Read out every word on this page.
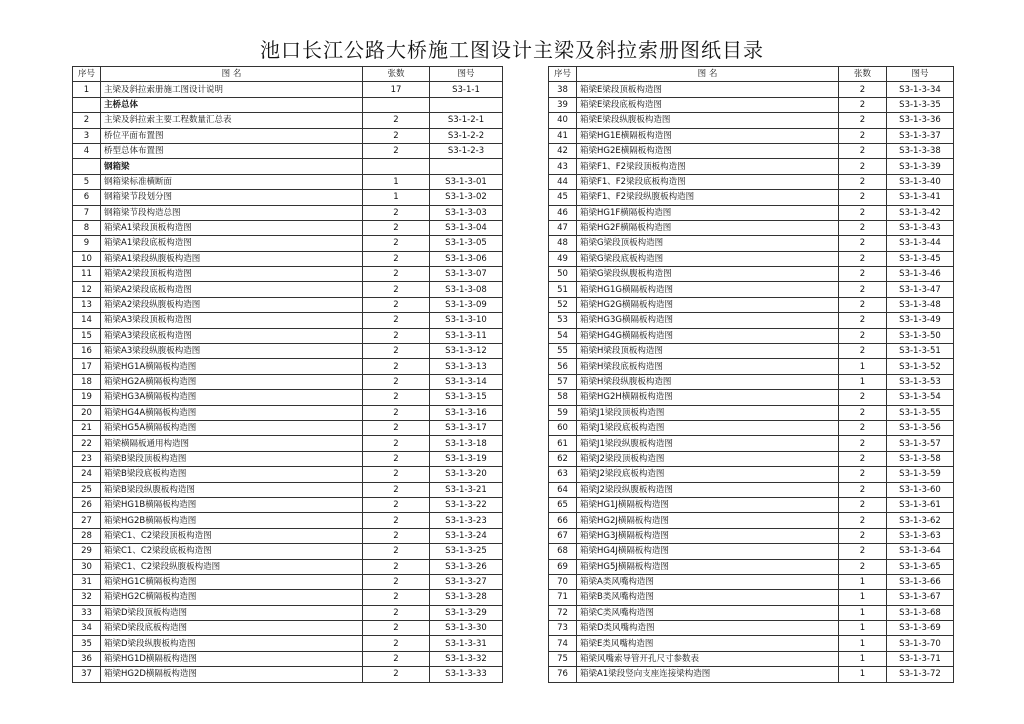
池口长江公路大桥施工图设计主梁及斜拉索册图纸目录
序号	图 名	张数	图号
1	主梁及斜拉索册施工图设计说明	17	S3-1-1
	主桥总体		
2	主梁及斜拉索主要工程数量汇总表	2	S3-1-2-1
3	桥位平面布置图	2	S3-1-2-2
4	桥型总体布置图	2	S3-1-2-3
	钢箱梁		
5	钢箱梁标准横断面	1	S3-1-3-01
6	钢箱梁节段划分图	1	S3-1-3-02
7	钢箱梁节段构造总图	2	S3-1-3-03
8	箱梁A1梁段顶板构造图	2	S3-1-3-04
9	箱梁A1梁段底板构造图	2	S3-1-3-05
10	箱梁A1梁段纵腹板构造图	2	S3-1-3-06
11	箱梁A2梁段顶板构造图	2	S3-1-3-07
12	箱梁A2梁段底板构造图	2	S3-1-3-08
13	箱梁A2梁段纵腹板构造图	2	S3-1-3-09
14	箱梁A3梁段顶板构造图	2	S3-1-3-10
15	箱梁A3梁段底板构造图	2	S3-1-3-11
16	箱梁A3梁段纵腹板构造图	2	S3-1-3-12
17	箱梁HG1A横隔板构造图	2	S3-1-3-13
18	箱梁HG2A横隔板构造图	2	S3-1-3-14
19	箱梁HG3A横隔板构造图	2	S3-1-3-15
20	箱梁HG4A横隔板构造图	2	S3-1-3-16
21	箱梁HG5A横隔板构造图	2	S3-1-3-17
22	箱梁横隔板通用构造图	2	S3-1-3-18
23	箱梁B梁段顶板构造图	2	S3-1-3-19
24	箱梁B梁段底板构造图	2	S3-1-3-20
25	箱梁B梁段纵腹板构造图	2	S3-1-3-21
26	箱梁HG1B横隔板构造图	2	S3-1-3-22
27	箱梁HG2B横隔板构造图	2	S3-1-3-23
28	箱梁C1、C2梁段顶板构造图	2	S3-1-3-24
29	箱梁C1、C2梁段底板构造图	2	S3-1-3-25
30	箱梁C1、C2梁段纵腹板构造图	2	S3-1-3-26
31	箱梁HG1C横隔板构造图	2	S3-1-3-27
32	箱梁HG2C横隔板构造图	2	S3-1-3-28
33	箱梁D梁段顶板构造图	2	S3-1-3-29
34	箱梁D梁段底板构造图	2	S3-1-3-30
35	箱梁D梁段纵腹板构造图	2	S3-1-3-31
36	箱梁HG1D横隔板构造图	2	S3-1-3-32
37	箱梁HG2D横隔板构造图	2	S3-1-3-33
序号	图 名	张数	图号
38	箱梁E梁段顶板构造图	2	S3-1-3-34
39	箱梁E梁段底板构造图	2	S3-1-3-35
40	箱梁E梁段纵腹板构造图	2	S3-1-3-36
41	箱梁HG1E横隔板构造图	2	S3-1-3-37
42	箱梁HG2E横隔板构造图	2	S3-1-3-38
43	箱梁F1、F2梁段顶板构造图	2	S3-1-3-39
44	箱梁F1、F2梁段底板构造图	2	S3-1-3-40
45	箱梁F1、F2梁段纵腹板构造图	2	S3-1-3-41
46	箱梁HG1F横隔板构造图	2	S3-1-3-42
47	箱梁HG2F横隔板构造图	2	S3-1-3-43
48	箱梁G梁段顶板构造图	2	S3-1-3-44
49	箱梁G梁段底板构造图	2	S3-1-3-45
50	箱梁G梁段纵腹板构造图	2	S3-1-3-46
51	箱梁HG1G横隔板构造图	2	S3-1-3-47
52	箱梁HG2G横隔板构造图	2	S3-1-3-48
53	箱梁HG3G横隔板构造图	2	S3-1-3-49
54	箱梁HG4G横隔板构造图	2	S3-1-3-50
55	箱梁H梁段顶板构造图	2	S3-1-3-51
56	箱梁H梁段底板构造图	1	S3-1-3-52
57	箱梁H梁段纵腹板构造图	1	S3-1-3-53
58	箱梁HG2H横隔板构造图	2	S3-1-3-54
59	箱梁J1梁段顶板构造图	2	S3-1-3-55
60	箱梁J1梁段底板构造图	2	S3-1-3-56
61	箱梁J1梁段纵腹板构造图	2	S3-1-3-57
62	箱梁J2梁段顶板构造图	2	S3-1-3-58
63	箱梁J2梁段底板构造图	2	S3-1-3-59
64	箱梁J2梁段纵腹板构造图	2	S3-1-3-60
65	箱梁HG1J横隔板构造图	2	S3-1-3-61
66	箱梁HG2J横隔板构造图	2	S3-1-3-62
67	箱梁HG3J横隔板构造图	2	S3-1-3-63
68	箱梁HG4J横隔板构造图	2	S3-1-3-64
69	箱梁HG5J横隔板构造图	2	S3-1-3-65
70	箱梁A类风嘴构造图	1	S3-1-3-66
71	箱梁B类风嘴构造图	1	S3-1-3-67
72	箱梁C类风嘴构造图	1	S3-1-3-68
73	箱梁D类风嘴构造图	1	S3-1-3-69
74	箱梁E类风嘴构造图	1	S3-1-3-70
75	箱梁风嘴索导管开孔尺寸参数表	1	S3-1-3-71
76	箱梁A1梁段竖向支座连接梁构造图	1	S3-1-3-72
